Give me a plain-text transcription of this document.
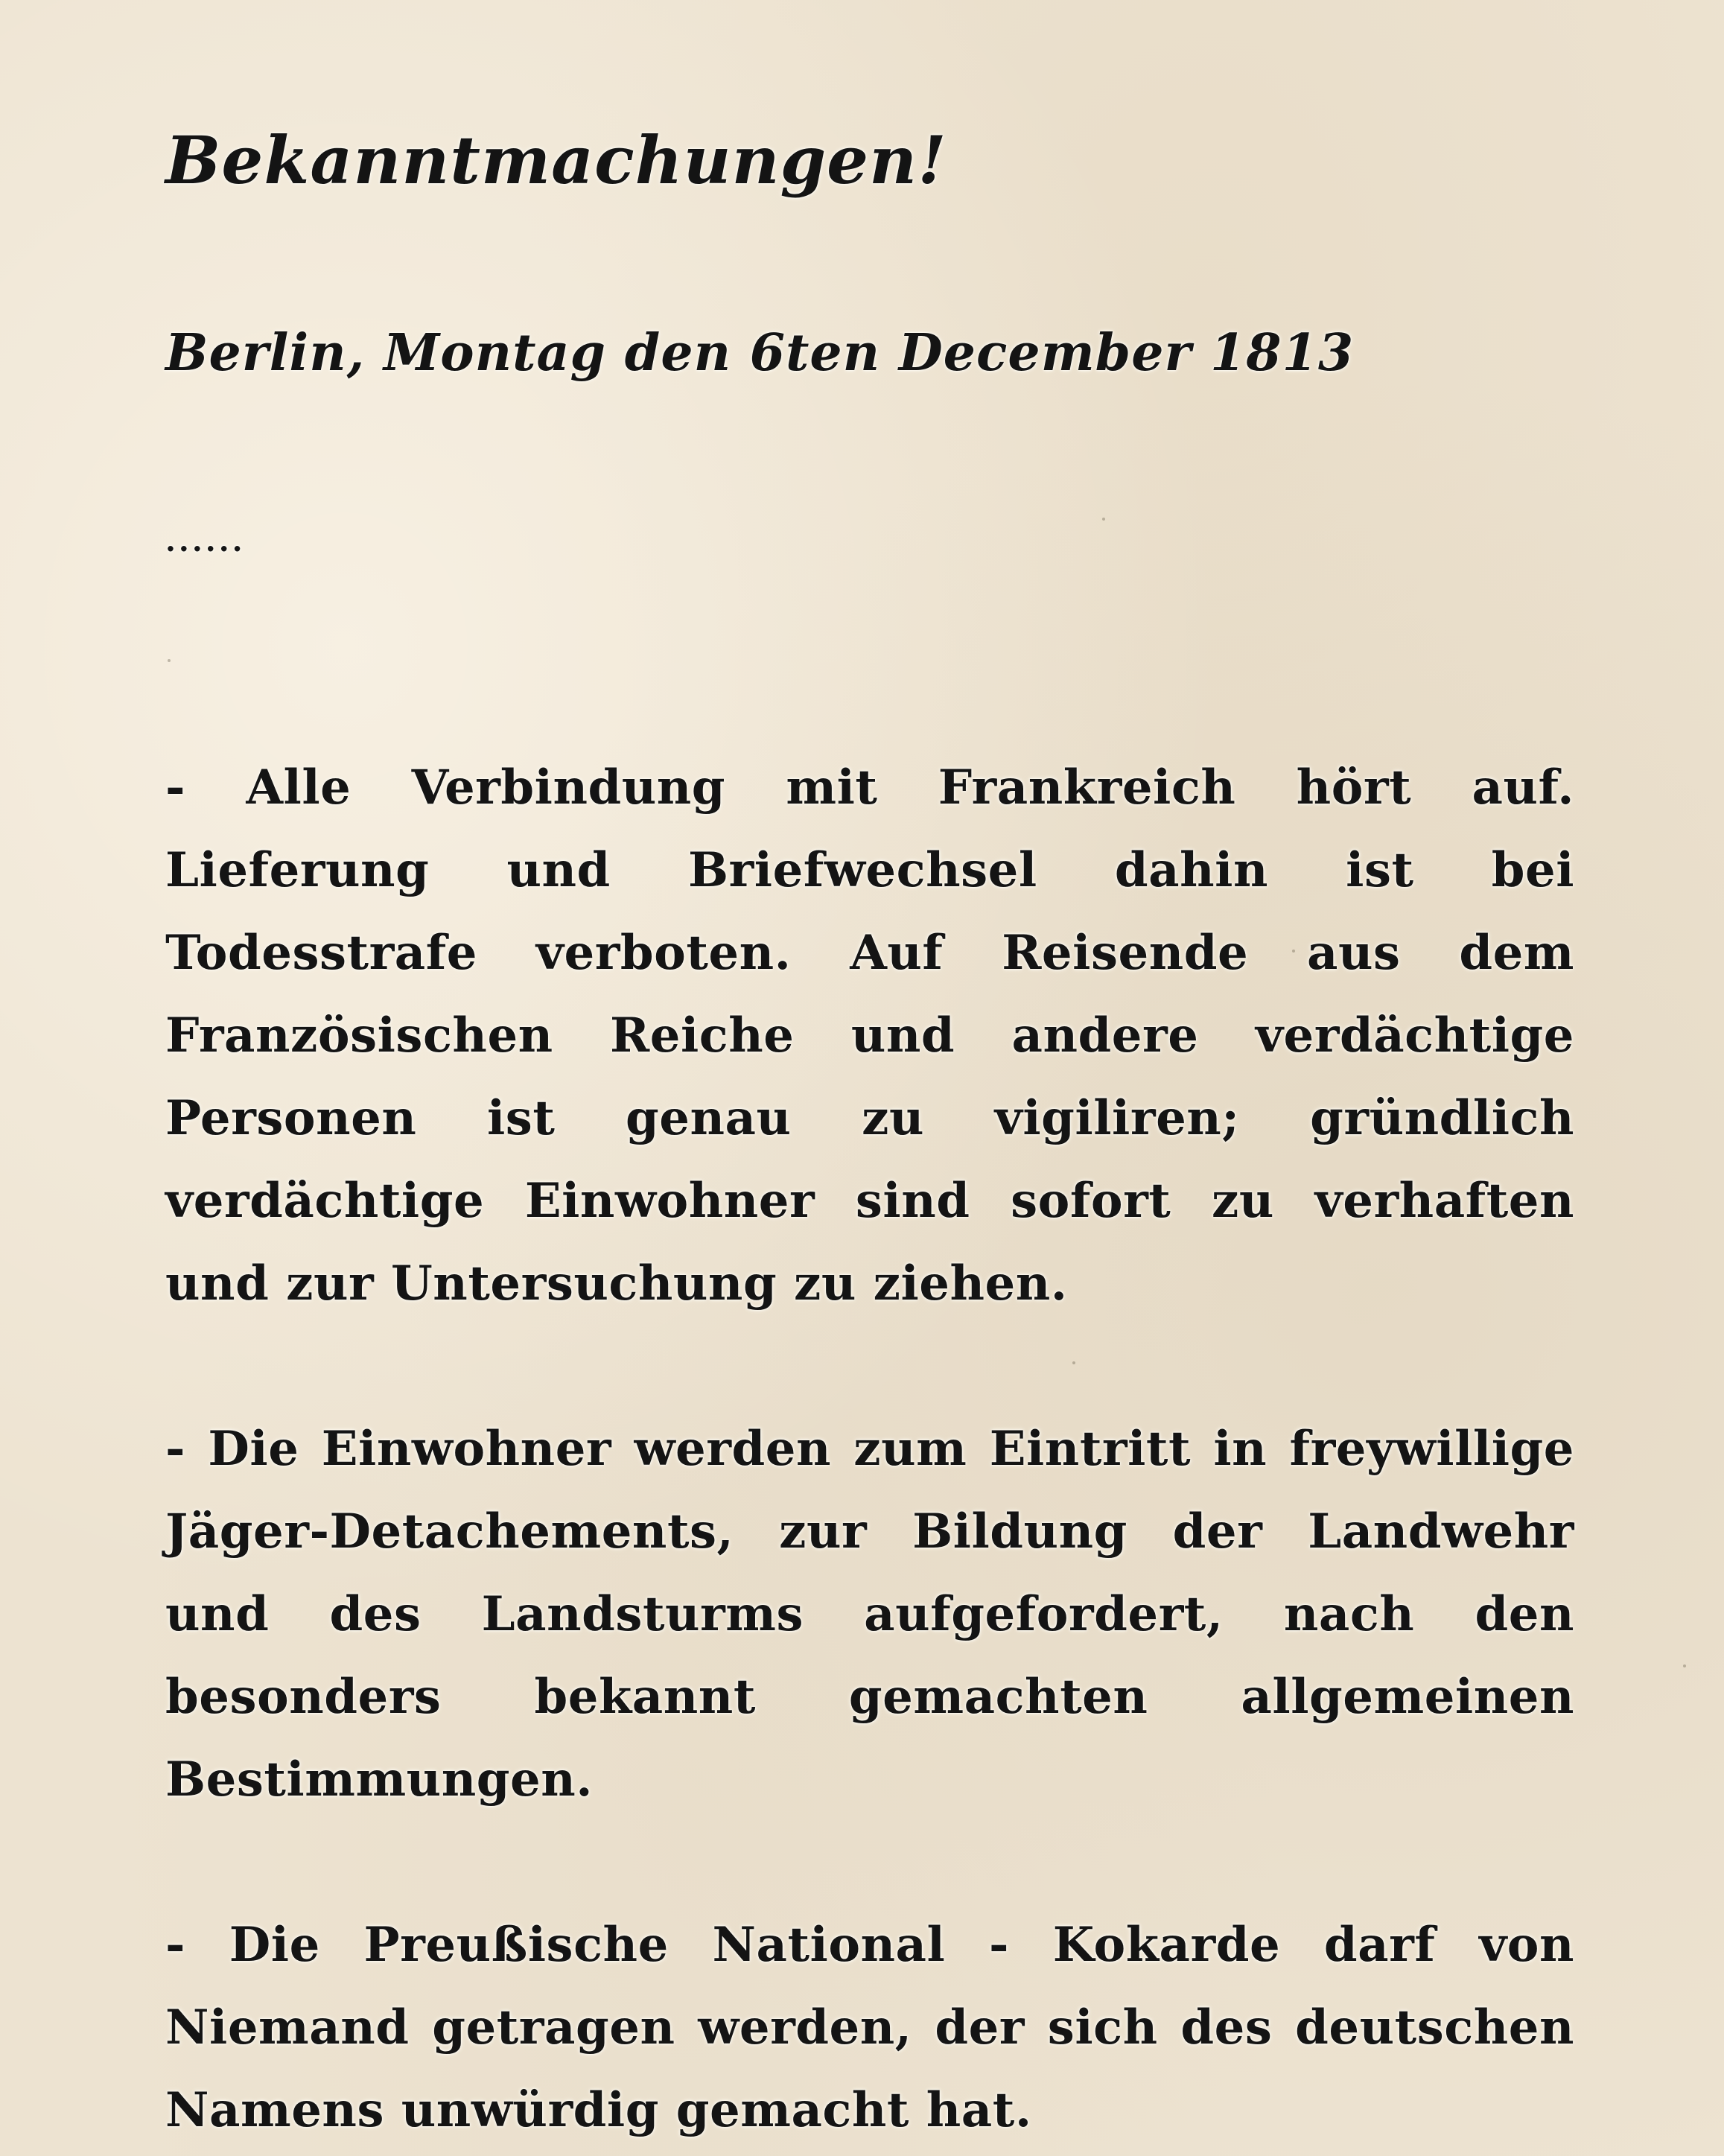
Bekanntmachungen!
Berlin, Montag den 6ten December 1813
......

- Alle Verbindung mit Frankreich hört auf. Lieferung und Briefwechsel dahin ist bei Todesstrafe verboten. Auf Reisende aus dem Französischen Reiche und andere verdächtige Personen ist genau zu vigiliren; gründlich verdächtige Einwohner sind sofort zu verhaften und zur Untersuchung zu ziehen.

- Die Einwohner werden zum Eintritt in freywillige Jäger-Detachements, zur Bildung der Landwehr und des Landsturms aufgefordert, nach den besonders bekannt gemachten allgemeinen Bestimmungen.

- Die Preußische National - Kokarde darf von Niemand getragen werden, der sich des deutschen Namens unwürdig gemacht hat.
